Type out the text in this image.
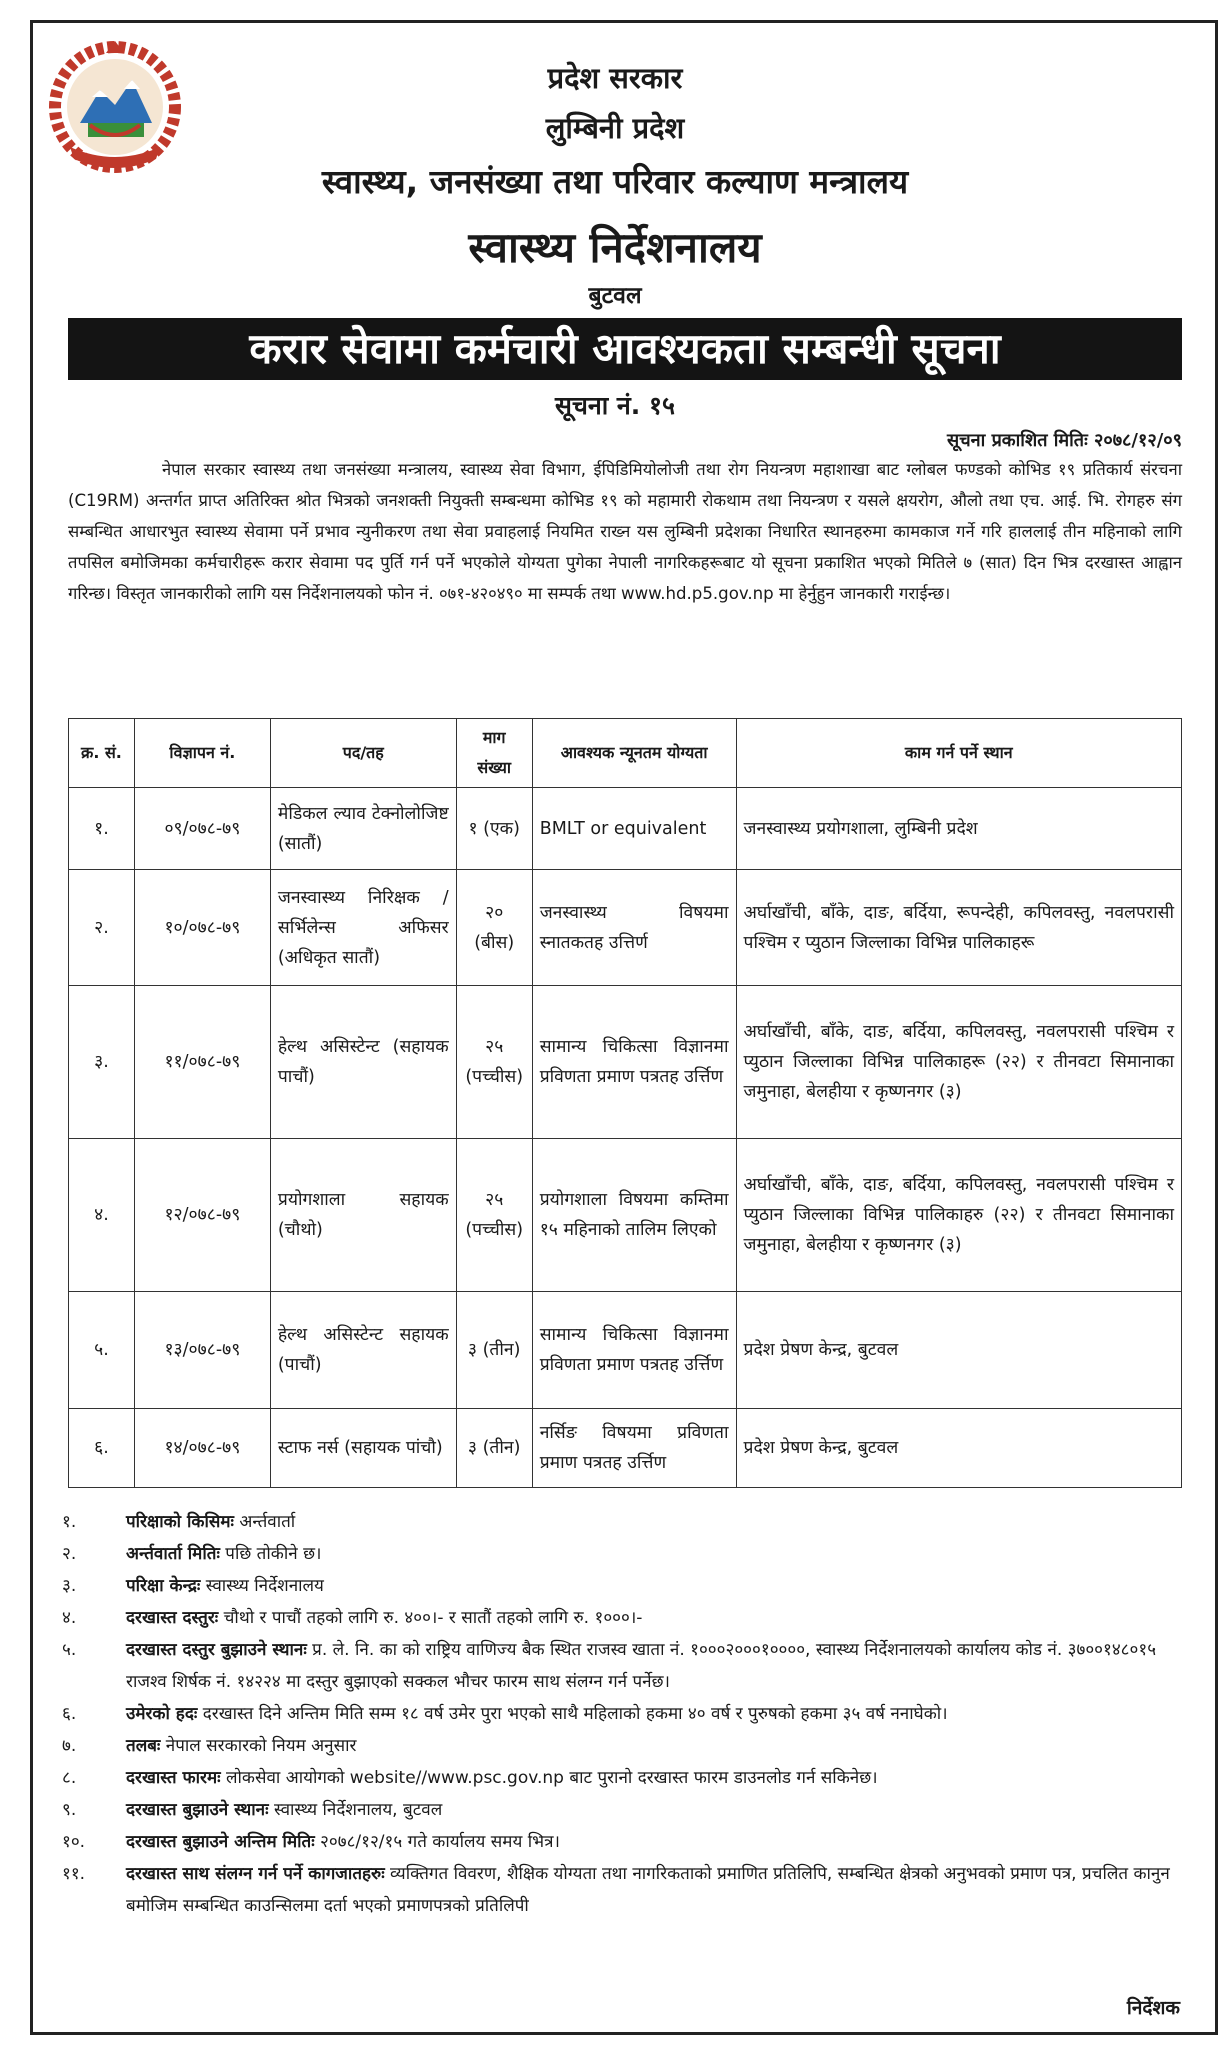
प्रदेश सरकार
लुम्बिनी प्रदेश
स्वास्थ्य, जनसंख्या तथा परिवार कल्याण मन्त्रालय
स्वास्थ्य निर्देशनालय
बुटवल
करार सेवामा कर्मचारी आवश्यकता सम्बन्धी सूचना
सूचना नं. १५
सूचना प्रकाशित मितिः २०७८/१२/०९
नेपाल सरकार स्वास्थ्य तथा जनसंख्या मन्त्रालय, स्वास्थ्य सेवा विभाग, ईपिडिमियोलोजी तथा रोग नियन्त्रण महाशाखा बाट ग्लोबल फण्डको कोभिड १९ प्रतिकार्य संरचना (C19RM) अन्तर्गत प्राप्त अतिरिक्त श्रोत भित्रको जनशक्ती नियुक्ती सम्बन्धमा कोभिड १९ को महामारी रोकथाम तथा नियन्त्रण र यसले क्षयरोग, औलो तथा एच. आई. भि. रोगहरु संग सम्बन्धित आधारभुत स्वास्थ्य सेवामा पर्ने प्रभाव न्युनीकरण तथा सेवा प्रवाहलाई नियमित राख्न यस लुम्बिनी प्रदेशका निधारित स्थानहरुमा कामकाज गर्ने गरि हाललाई तीन महिनाको लागि तपसिल बमोजिमका कर्मचारीहरू करार सेवामा पद पुर्ति गर्न पर्ने भएकोले योग्यता पुगेका नेपाली नागरिकहरूबाट यो सूचना प्रकाशित भएको मितिले ७ (सात) दिन भित्र दरखास्त आह्वान गरिन्छ। विस्तृत जानकारीको लागि यस निर्देशनालयको फोन नं. ०७१-४२०४९० मा सम्पर्क तथा www.hd.p5.gov.np मा हेर्नुहुन जानकारी गराईन्छ।
क्र. सं.	विज्ञापन नं.	पद/तह	माग संख्या	आवश्यक न्यूनतम योग्यता	काम गर्न पर्ने स्थान
१.	०९/०७८-७९	मेडिकल ल्याव टेक्नोलोजिष्ट (सातौं)	१ (एक)	BMLT or equivalent	जनस्वास्थ्य प्रयोगशाला, लुम्बिनी प्रदेश
२.	१०/०७८-७९	जनस्वास्थ्य निरिक्षक /सर्भिलेन्स अफिसर (अधिकृत सातौं)	२० (बीस)	जनस्वास्थ्य विषयमा स्नातकतह उत्तिर्ण	अर्घाखाँची, बाँके, दाङ, बर्दिया, रूपन्देही, कपिलवस्तु, नवलपरासी पश्चिम र प्युठान जिल्लाका विभिन्न पालिकाहरू
३.	११/०७८-७९	हेल्थ असिस्टेन्ट (सहायक पाचौं)	२५ (पच्चीस)	सामान्य चिकित्सा विज्ञानमा प्रविणता प्रमाण पत्रतह उर्त्तिण	अर्घाखाँची, बाँके, दाङ, बर्दिया, कपिलवस्तु, नवलपरासी पश्चिम र प्युठान जिल्लाका विभिन्न पालिकाहरू (२२) र तीनवटा सिमानाका जमुनाहा, बेलहीया र कृष्णनगर (३)
४.	१२/०७८-७९	प्रयोगशाला सहायक (चौथो)	२५ (पच्चीस)	प्रयोगशाला विषयमा कम्तिमा १५ महिनाको तालिम लिएको	अर्घाखाँची, बाँके, दाङ, बर्दिया, कपिलवस्तु, नवलपरासी पश्चिम र प्युठान जिल्लाका विभिन्न पालिकाहरु (२२) र तीनवटा सिमानाका जमुनाहा, बेलहीया र कृष्णनगर (३)
५.	१३/०७८-७९	हेल्थ असिस्टेन्ट सहायक (पाचौं)	३ (तीन)	सामान्य चिकित्सा विज्ञानमा प्रविणता प्रमाण पत्रतह उर्त्तिण	प्रदेश प्रेषण केन्द्र, बुटवल
६.	१४/०७८-७९	स्टाफ नर्स (सहायक पांचौ)	३ (तीन)	नर्सिङ विषयमा प्रविणता प्रमाण पत्रतह उर्त्तिण	प्रदेश प्रेषण केन्द्र, बुटवल
१.	परिक्षाको किसिमः अर्न्तवार्ता
२.	अर्न्तवार्ता मितिः पछि तोकीने छ।
३.	परिक्षा केन्द्रः स्वास्थ्य निर्देशनालय
४.	दरखास्त दस्तुरः चौथो र पाचौं तहको लागि रु. ४००।- र सातौं तहको लागि रु. १०००।-
५.	दरखास्त दस्तुर बुझाउने स्थानः प्र. ले. नि. का को राष्ट्रिय वाणिज्य बैक स्थित राजस्व खाता नं. १०००२०००१००००, स्वास्थ्य निर्देशनालयको कार्यालय कोड नं. ३७००१४८०१५ राजश्व शिर्षक नं. १४२२४ मा दस्तुर बुझाएको सक्कल भौचर फारम साथ संलग्न गर्न पर्नेछ।
६.	उमेरको हदः दरखास्त दिने अन्तिम मिति सम्म १८ वर्ष उमेर पुरा भएको साथै महिलाको हकमा ४० वर्ष र पुरुषको हकमा ३५ वर्ष ननाघेको।
७.	तलबः नेपाल सरकारको नियम अनुसार
८.	दरखास्त फारमः लोकसेवा आयोगको website//www.psc.gov.np बाट पुरानो दरखास्त फारम डाउनलोड गर्न सकिनेछ।
९.	दरखास्त बुझाउने स्थानः स्वास्थ्य निर्देशनालय, बुटवल
१०.	दरखास्त बुझाउने अन्तिम मितिः २०७८/१२/१५ गते कार्यालय समय भित्र।
११.	दरखास्त साथ संलग्न गर्न पर्ने कागजातहरुः व्यक्तिगत विवरण, शैक्षिक योग्यता तथा नागरिकताको प्रमाणित प्रतिलिपि, सम्बन्धित क्षेत्रको अनुभवको प्रमाण पत्र, प्रचलित कानुन बमोजिम सम्बन्धित काउन्सिलमा दर्ता भएको प्रमाणपत्रको प्रतिलिपी
निर्देशक
